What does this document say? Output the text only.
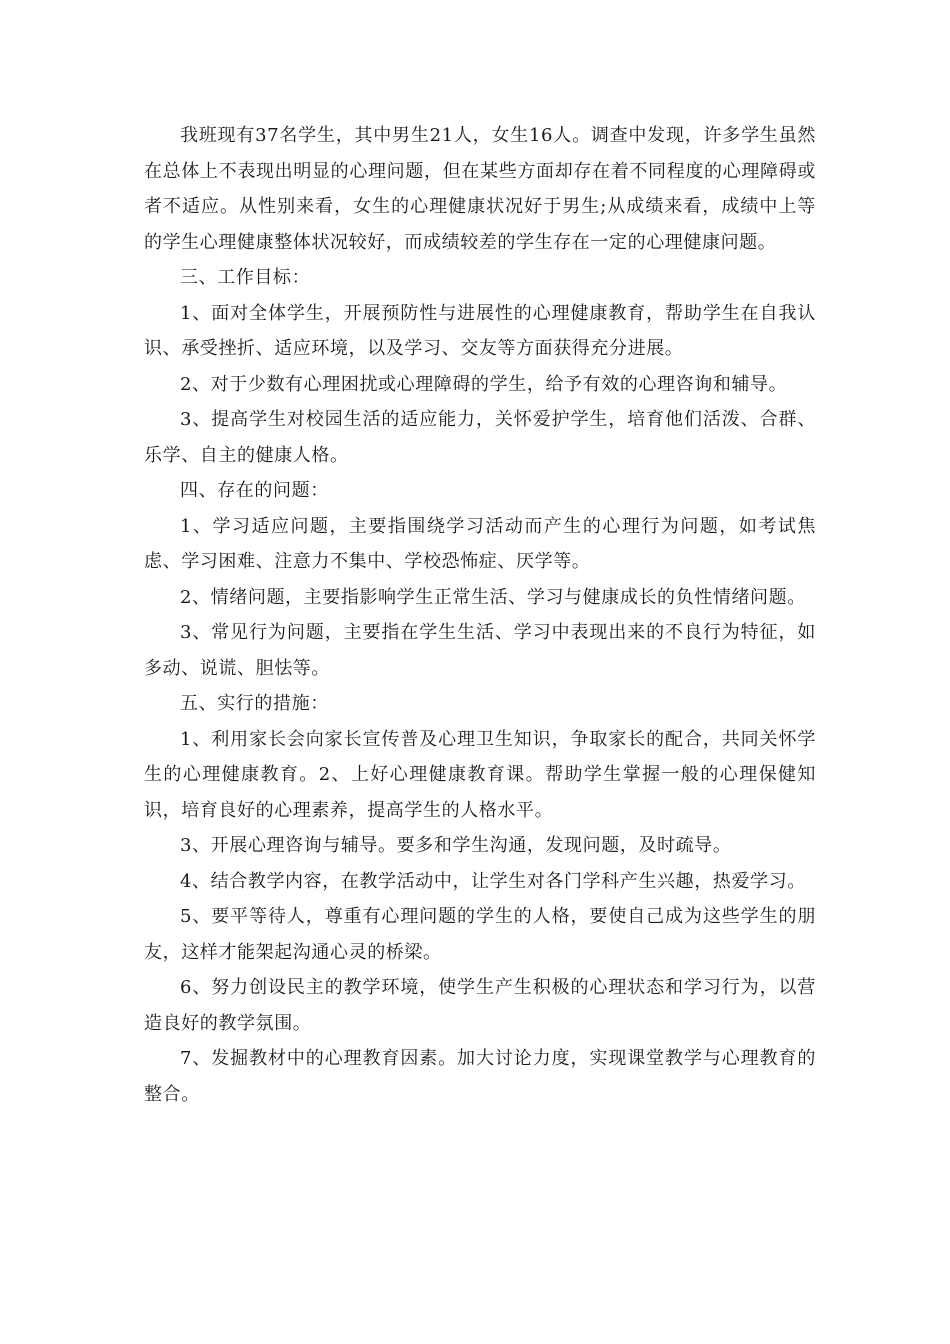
我班现有37名学生，其中男生21人，女生16人。调查中发现，许多学生虽然在总体上不表现出明显的心理问题，但在某些方面却存在着不同程度的心理障碍或者不适应。从性别来看，女生的心理健康状况好于男生;从成绩来看，成绩中上等的学生心理健康整体状况较好，而成绩较差的学生存在一定的心理健康问题。

三、工作目标：

1、面对全体学生，开展预防性与进展性的心理健康教育，帮助学生在自我认识、承受挫折、适应环境，以及学习、交友等方面获得充分进展。

2、对于少数有心理困扰或心理障碍的学生，给予有效的心理咨询和辅导。

3、提高学生对校园生活的适应能力，关怀爱护学生，培育他们活泼、合群、乐学、自主的健康人格。

四、存在的问题：

1、学习适应问题，主要指围绕学习活动而产生的心理行为问题，如考试焦虑、学习困难、注意力不集中、学校恐怖症、厌学等。

2、情绪问题，主要指影响学生正常生活、学习与健康成长的负性情绪问题。

3、常见行为问题，主要指在学生生活、学习中表现出来的不良行为特征，如多动、说谎、胆怯等。

五、实行的措施：

1、利用家长会向家长宣传普及心理卫生知识，争取家长的配合，共同关怀学生的心理健康教育。2、上好心理健康教育课。帮助学生掌握一般的心理保健知识，培育良好的心理素养，提高学生的人格水平。

3、开展心理咨询与辅导。要多和学生沟通，发现问题，及时疏导。

4、结合教学内容，在教学活动中，让学生对各门学科产生兴趣，热爱学习。

5、要平等待人，尊重有心理问题的学生的人格，要使自己成为这些学生的朋友，这样才能架起沟通心灵的桥梁。

6、努力创设民主的教学环境，使学生产生积极的心理状态和学习行为，以营造良好的教学氛围。

7、发掘教材中的心理教育因素。加大讨论力度，实现课堂教学与心理教育的整合。
